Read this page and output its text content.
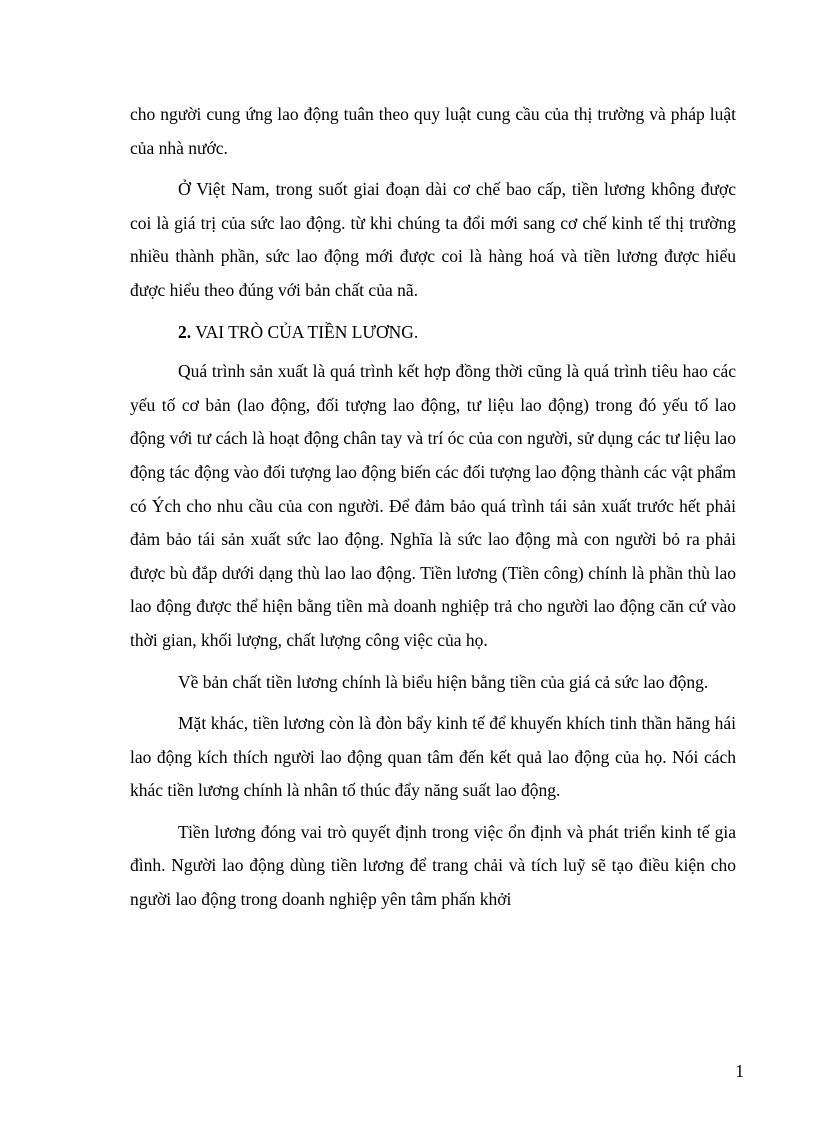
cho người cung ứng lao động tuân theo quy luật cung cầu của thị trường và pháp luật của nhà nước.

Ở Việt Nam, trong suốt giai đoạn dài cơ chế bao cấp, tiền lương không được coi là giá trị của sức lao động. từ khi chúng ta đổi mới sang cơ chế kinh tế thị trường nhiều thành phần, sức lao động mới được coi là hàng hoá và tiền lương được hiểu được hiểu theo đúng với bản chất của nã.

2. VAI TRÒ CỦA TIỀN LƯƠNG.

Quá trình sản xuất là quá trình kết hợp đồng thời cũng là quá trình tiêu hao các yếu tố cơ bản (lao động, đối tượng lao động, tư liệu lao động) trong đó yếu tố lao động với tư cách là hoạt động chân tay và trí óc của con người, sử dụng các tư liệu lao động tác động vào đối tượng lao động biến các đối tượng lao động thành các vật phẩm có Ých cho nhu cầu của con người. Để đảm bảo quá trình tái sản xuất trước hết phải đảm bảo tái sản xuất sức lao động. Nghĩa là sức lao động mà con người bỏ ra phải được bù đắp dưới dạng thù lao lao động. Tiền lương (Tiền công) chính là phần thù lao lao động được thể hiện bằng tiền mà doanh nghiệp trả cho người lao động căn cứ vào thời gian, khối lượng, chất lượng công việc của họ.

Về bản chất tiền lương chính là biểu hiện bằng tiền của giá cả sức lao động.

Mặt khác, tiền lương còn là đòn bẩy kinh tế để khuyến khích tinh thần hăng hái lao động kích thích người lao động quan tâm đến kết quả lao động của họ. Nói cách khác tiền lương chính là nhân tố thúc đẩy năng suất lao động.

Tiền lương đóng vai trò quyết định trong việc ổn định và phát triển kinh tế gia đình. Người lao động dùng tiền lương để trang chải và tích luỹ sẽ tạo điều kiện cho người lao động trong doanh nghiệp yên tâm phấn khởi

1
